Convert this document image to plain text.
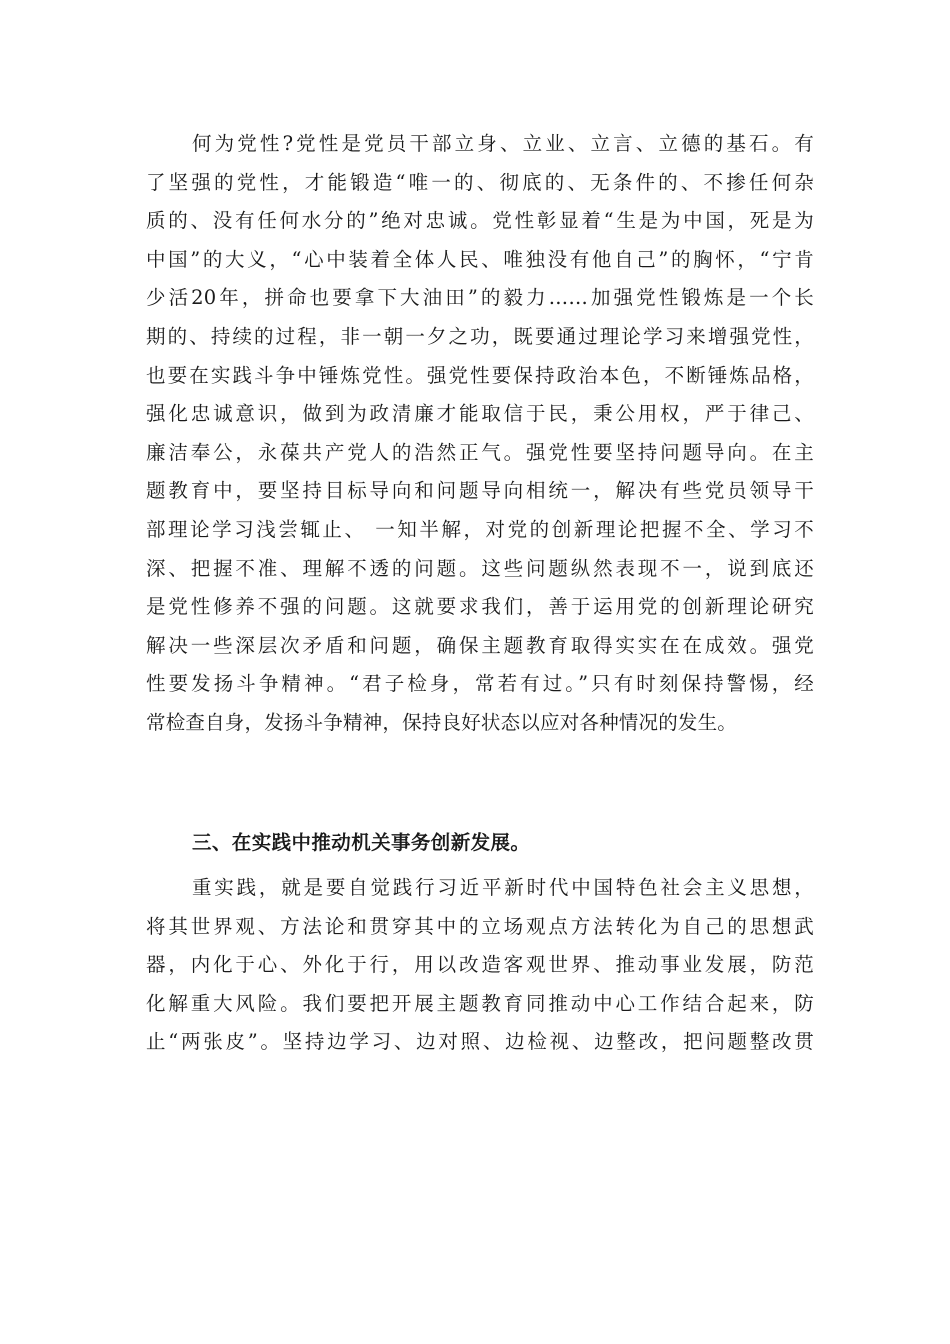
何为党性?党性是党员干部立身、立业、立言、立德的基石。有
了坚强的党性，才能锻造“唯一的、彻底的、无条件的、不掺任何杂
质的、没有任何水分的”绝对忠诚。党性彰显着“生是为中国，死是为
中国”的大义，“心中装着全体人民、唯独没有他自己”的胸怀，“宁肯
少活20年，拼命也要拿下大油田”的毅力……加强党性锻炼是一个长
期的、持续的过程，非一朝一夕之功，既要通过理论学习来增强党性，
也要在实践斗争中锤炼党性。强党性要保持政治本色，不断锤炼品格，
强化忠诚意识，做到为政清廉才能取信于民，秉公用权，严于律己、
廉洁奉公，永葆共产党人的浩然正气。强党性要坚持问题导向。在主
题教育中，要坚持目标导向和问题导向相统一，解决有些党员领导干
部理论学习浅尝辄止、 一知半解，对党的创新理论把握不全、学习不
深、把握不准、理解不透的问题。这些问题纵然表现不一，说到底还
是党性修养不强的问题。这就要求我们，善于运用党的创新理论研究
解决一些深层次矛盾和问题，确保主题教育取得实实在在成效。强党
性要发扬斗争精神。“君子检身，常若有过。”只有时刻保持警惕，经
常检查自身，发扬斗争精神，保持良好状态以应对各种情况的发生。
三、在实践中推动机关事务创新发展。
重实践，就是要自觉践行习近平新时代中国特色社会主义思想，
将其世界观、方法论和贯穿其中的立场观点方法转化为自己的思想武
器，内化于心、外化于行，用以改造客观世界、推动事业发展，防范
化解重大风险。我们要把开展主题教育同推动中心工作结合起来，防
止“两张皮”。坚持边学习、边对照、边检视、边整改，把问题整改贯
